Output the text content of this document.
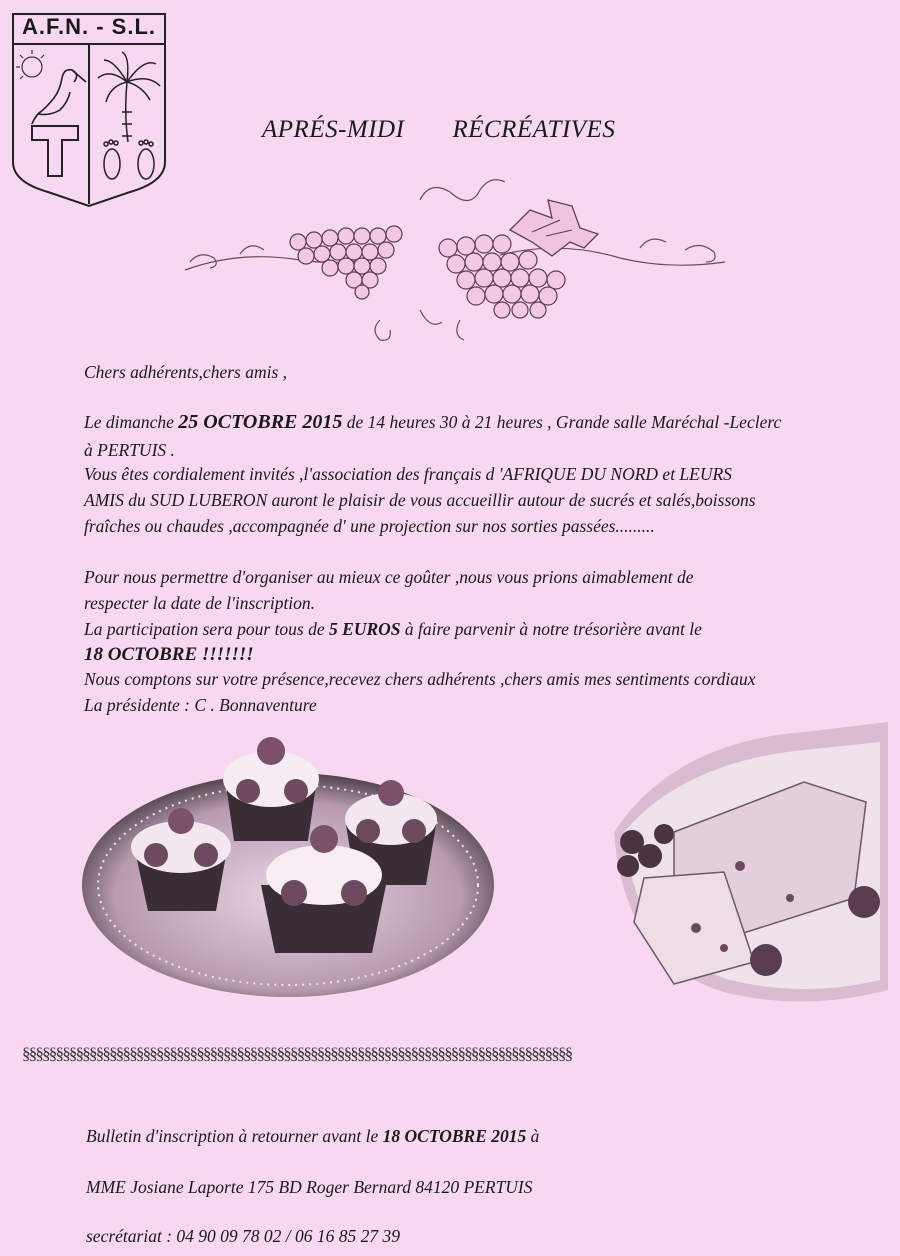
A.F.N. - S.L.
APRÉS-MIDI RÉCRÉATIVES
Chers adhérents,chers amis ,
Le dimanche 25 OCTOBRE 2015 de 14 heures 30 à 21 heures , Grande salle Maréchal -Leclerc
à PERTUIS .
Vous êtes cordialement invités ,l'association des français d 'AFRIQUE DU NORD et LEURS
AMIS du SUD LUBERON auront le plaisir de vous accueillir autour de sucrés et salés,boissons
fraîches ou chaudes ,accompagnée d' une projection sur nos sorties passées.........
Pour nous permettre d'organiser au mieux ce goûter ,nous vous prions aimablement de
respecter la date de l'inscription.
La participation sera pour tous de 5 EUROS à faire parvenir à notre trésorière avant le
18 OCTOBRE !!!!!!!
Nous comptons sur votre présence,recevez chers adhérents ,chers amis mes sentiments cordiaux
La présidente : C . Bonnaventure
§§§§§§§§§§§§§§§§§§§§§§§§§§§§§§§§§§§§§§§§§§§§§§§§§§§§§§§§§§§§§§§§§§§§§§§§§§§§§§§§§§
Bulletin d'inscription à retourner avant le 18 OCTOBRE 2015 à
MME Josiane Laporte 175 BD Roger Bernard 84120 PERTUIS
secrétariat : 04 90 09 78 02 / 06 16 85 27 39
